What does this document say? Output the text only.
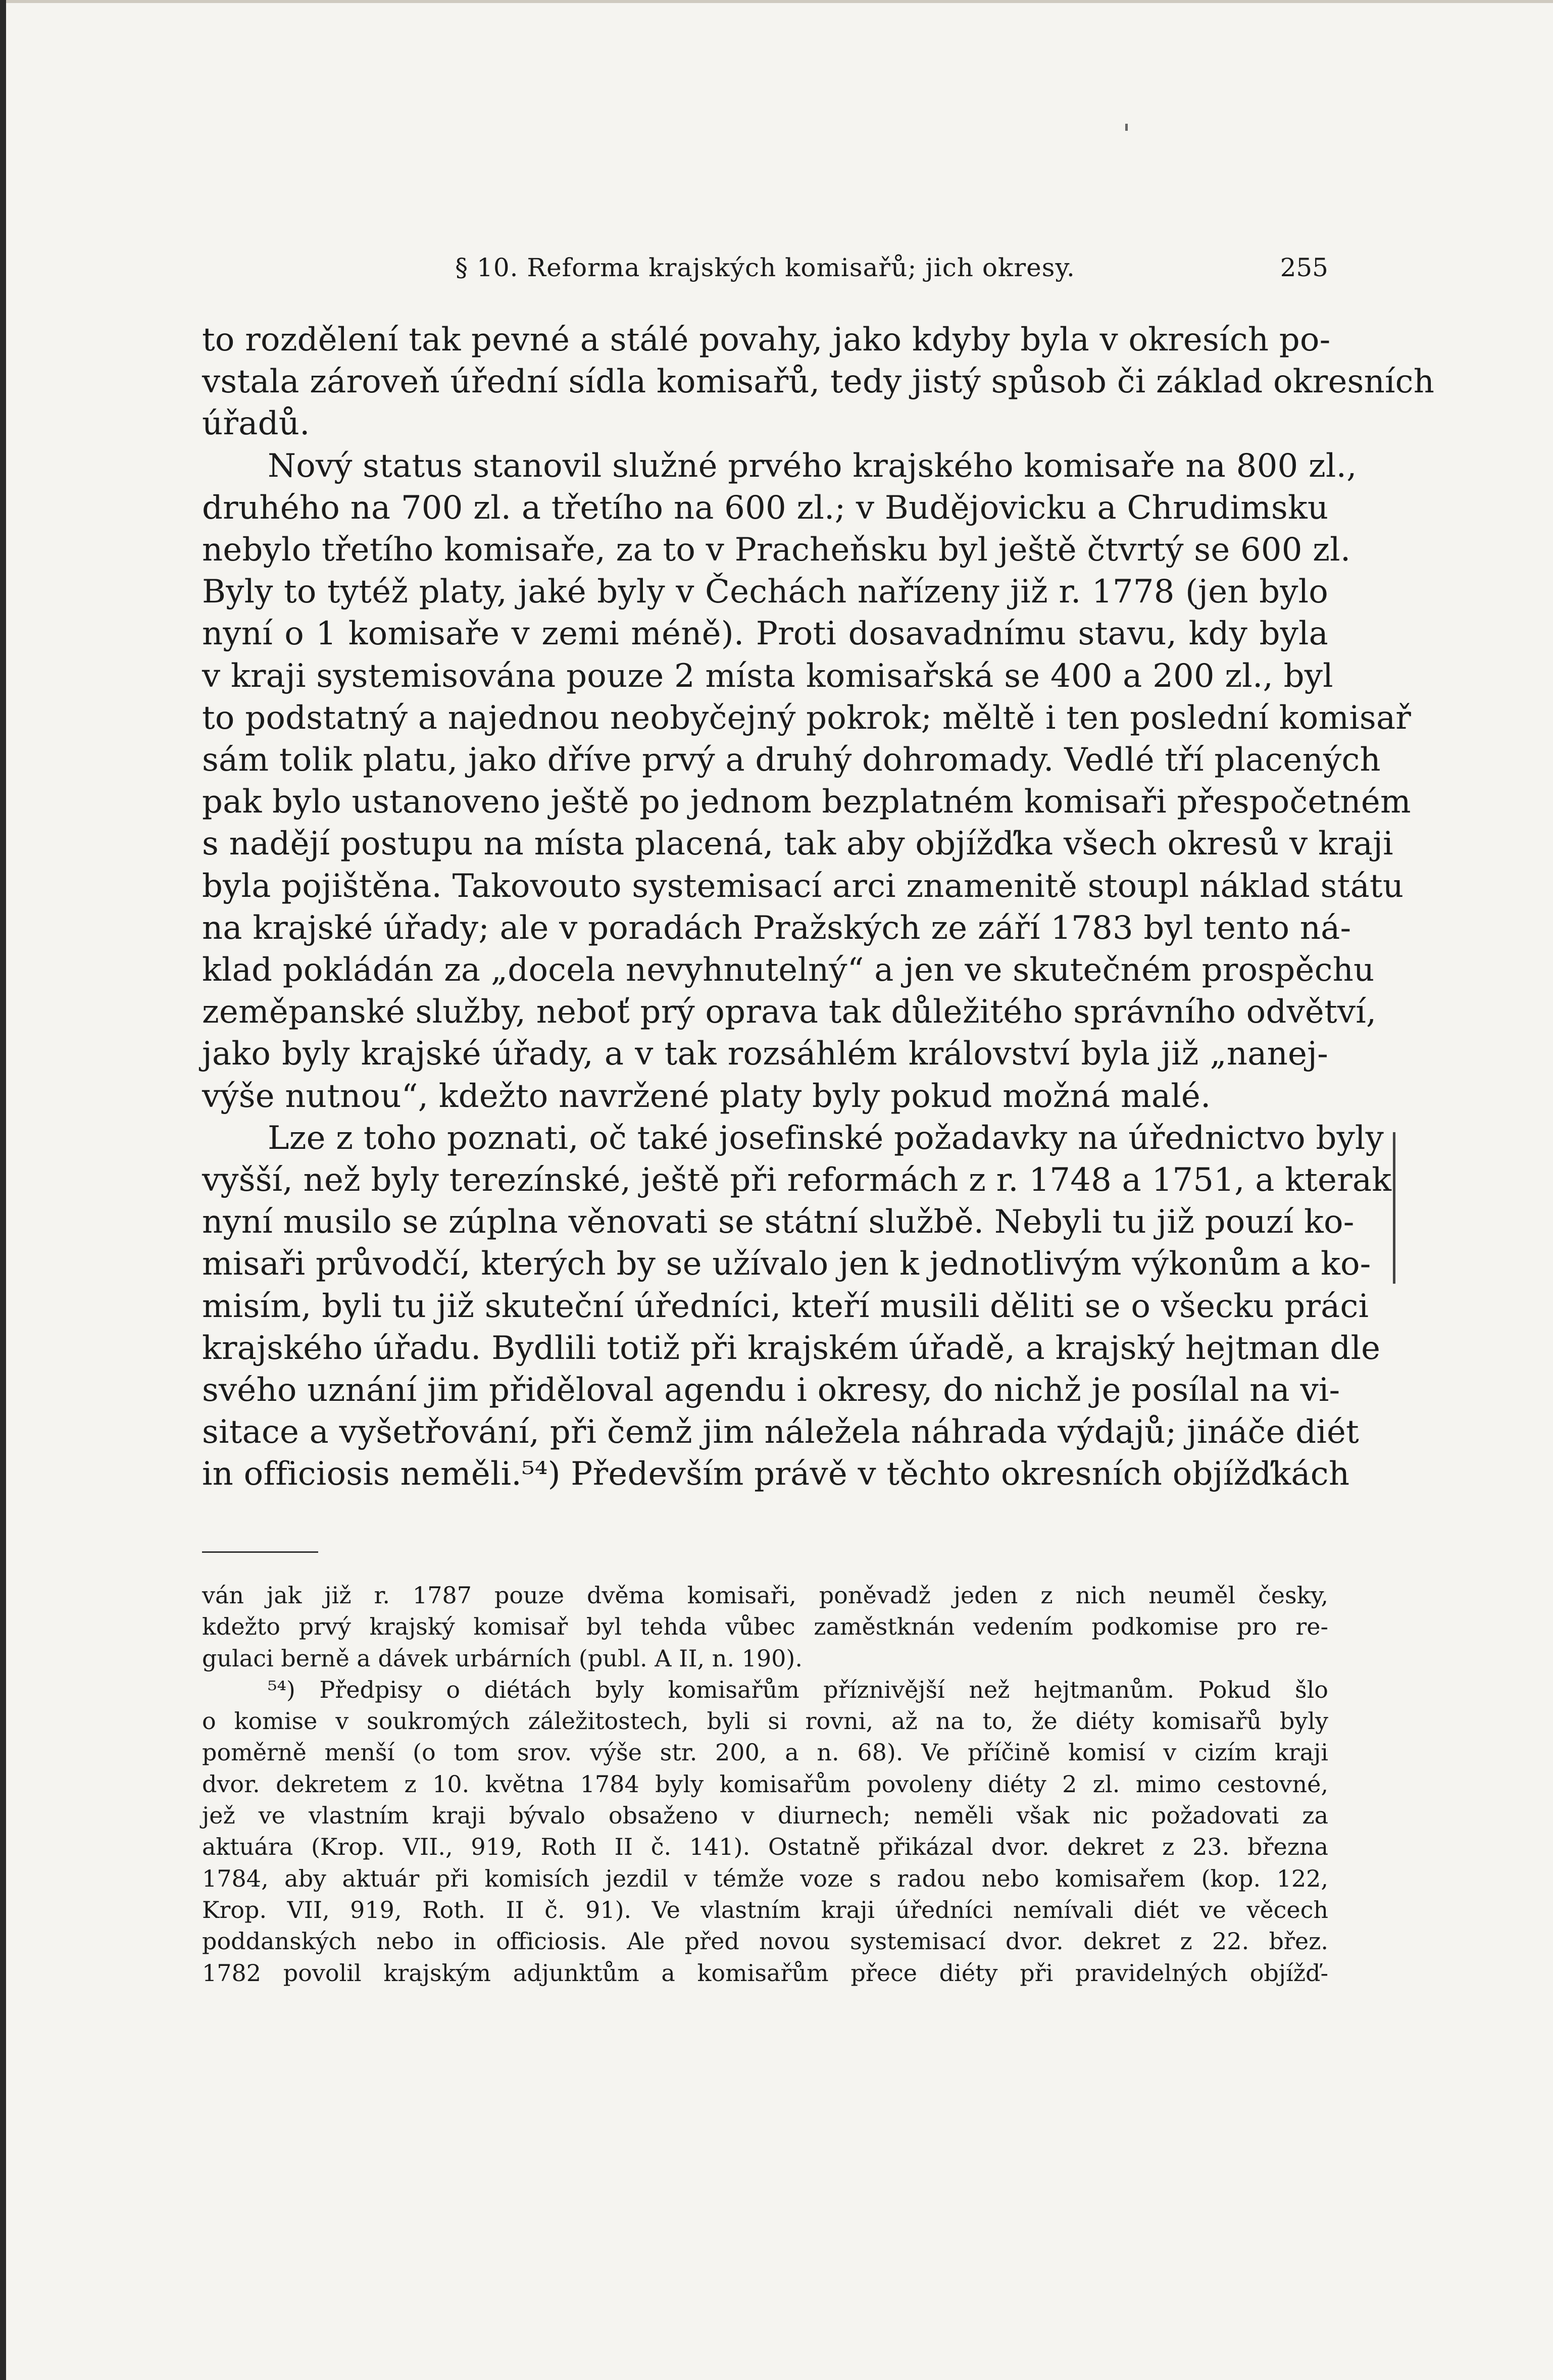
§ 10. Reforma krajských komisařů; jich okresy.	255
to rozdělení tak pevné a stálé povahy, jako kdyby byla v okresích po-
vstala zároveň úřední sídla komisařů, tedy jistý spůsob či základ okresních
úřadů.
Nový status stanovil služné prvého krajského komisaře na 800 zl.,
druhého na 700 zl. a třetího na 600 zl.; v Budějovicku a Chrudimsku
nebylo třetího komisaře, za to v Pracheňsku byl ještě čtvrtý se 600 zl.
Byly to tytéž platy, jaké byly v Čechách nařízeny již r. 1778 (jen bylo
nyní o 1 komisaře v zemi méně). Proti dosavadnímu stavu, kdy byla
v kraji systemisována pouze 2 místa komisařská se 400 a 200 zl., byl
to podstatný a najednou neobyčejný pokrok; měltě i ten poslední komisař
sám tolik platu, jako dříve prvý a druhý dohromady. Vedlé tří placených
pak bylo ustanoveno ještě po jednom bezplatném komisaři přespočetném
s nadějí postupu na místa placená, tak aby objížďka všech okresů v kraji
byla pojištěna. Takovouto systemisací arci znamenitě stoupl náklad státu
na krajské úřady; ale v poradách Pražských ze září 1783 byl tento ná-
klad pokládán za „docela nevyhnutelný“ a jen ve skutečném prospěchu
zeměpanské služby, neboť prý oprava tak důležitého správního odvětví,
jako byly krajské úřady, a v tak rozsáhlém království byla již „nanej-
výše nutnou“, kdežto navržené platy byly pokud možná malé.
Lze z toho poznati, oč také josefinské požadavky na úřednictvo byly
vyšší, než byly terezínské, ještě při reformách z r. 1748 a 1751, a kterak
nyní musilo se zúplna věnovati se státní službě. Nebyli tu již pouzí ko-
misaři průvodčí, kterých by se užívalo jen k jednotlivým výkonům a ko-
misím, byli tu již skuteční úředníci, kteří musili děliti se o všecku práci
krajského úřadu. Bydlili totiž při krajském úřadě, a krajský hejtman dle
svého uznání jim přiděloval agendu i okresy, do nichž je posílal na vi-
sitace a vyšetřování, při čemž jim náležela náhrada výdajů; jináče diét
in officiosis neměli.⁵⁴) Především právě v těchto okresních objížďkách
ván jak již r. 1787 pouze dvěma komisaři, poněvadž jeden z nich neuměl česky,
kdežto prvý krajský komisař byl tehda vůbec zaměstknán vedením podkomise pro re-
gulaci berně a dávek urbárních (publ. A II, n. 190).
⁵⁴) Předpisy o diétách byly komisařům příznivější než hejtmanům. Pokud šlo
o komise v soukromých záležitostech, byli si rovni, až na to, že diéty komisařů byly
poměrně menší (o tom srov. výše str. 200, a n. 68). Ve příčině komisí v cizím kraji
dvor. dekretem z 10. května 1784 byly komisařům povoleny diéty 2 zl. mimo cestovné,
jež ve vlastním kraji bývalo obsaženo v diurnech; neměli však nic požadovati za
aktuára (Krop. VII., 919, Roth II č. 141). Ostatně přikázal dvor. dekret z 23. března
1784, aby aktuár při komisích jezdil v témže voze s radou nebo komisařem (kop. 122,
Krop. VII, 919, Roth. II č. 91). Ve vlastním kraji úředníci nemívali diét ve věcech
poddanských nebo in officiosis. Ale před novou systemisací dvor. dekret z 22. břez.
1782 povolil krajským adjunktům a komisařům přece diéty při pravidelných objížď-
